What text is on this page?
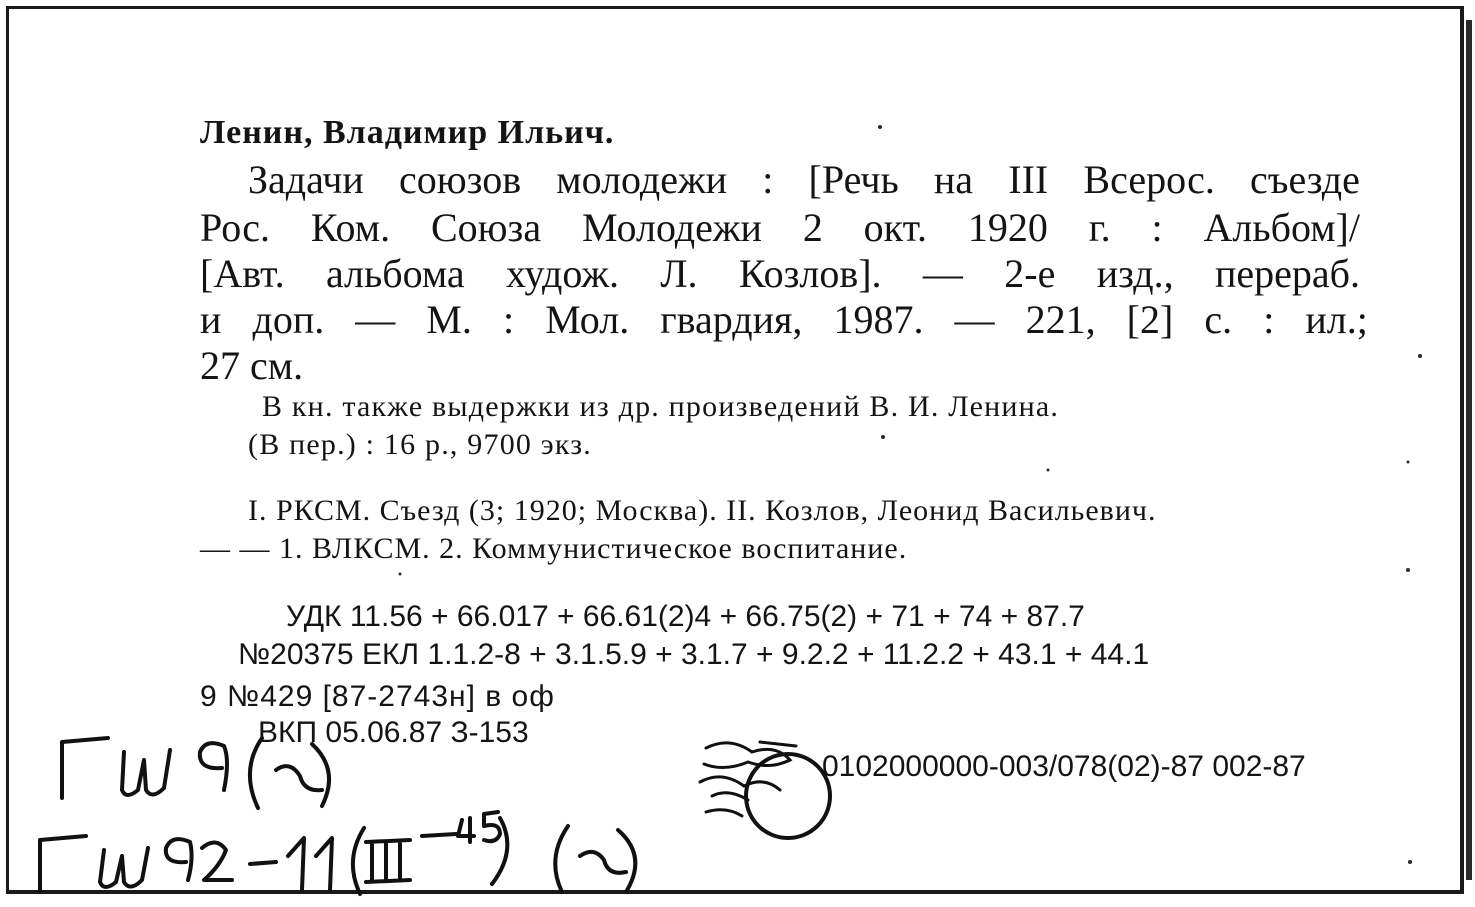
Ленин, Владимир Ильич.
Задачи союзов молодежи : [Речь на III Всерос. съезде
Рос. Ком. Союза Молодежи 2 окт. 1920 г. : Альбом]/
[Авт. альбома худож. Л. Козлов]. — 2-е изд., перераб.
и доп. — М. : Мол. гвардия, 1987. — 221, [2] с. : ил.;
27 см.
В кн. также выдержки из др. произведений В. И. Ленина.
(В пер.) : 16 р., 9700 экз.
I. РКСМ. Съезд (3; 1920; Москва). II. Козлов, Леонид Васильевич.
— — 1. ВЛКСМ. 2. Коммунистическое воспитание.
УДК 11.56 + 66.017 + 66.61(2)4 + 66.75(2) + 71 + 74 + 87.7
№20375 ЕКЛ 1.1.2-8 + 3.1.5.9 + 3.1.7 + 9.2.2 + 11.2.2 + 43.1 + 44.1
9 №429 [87-2743н] в оф
ВКП 05.06.87 З-153
0102000000-003/078(02)-87 002-87
